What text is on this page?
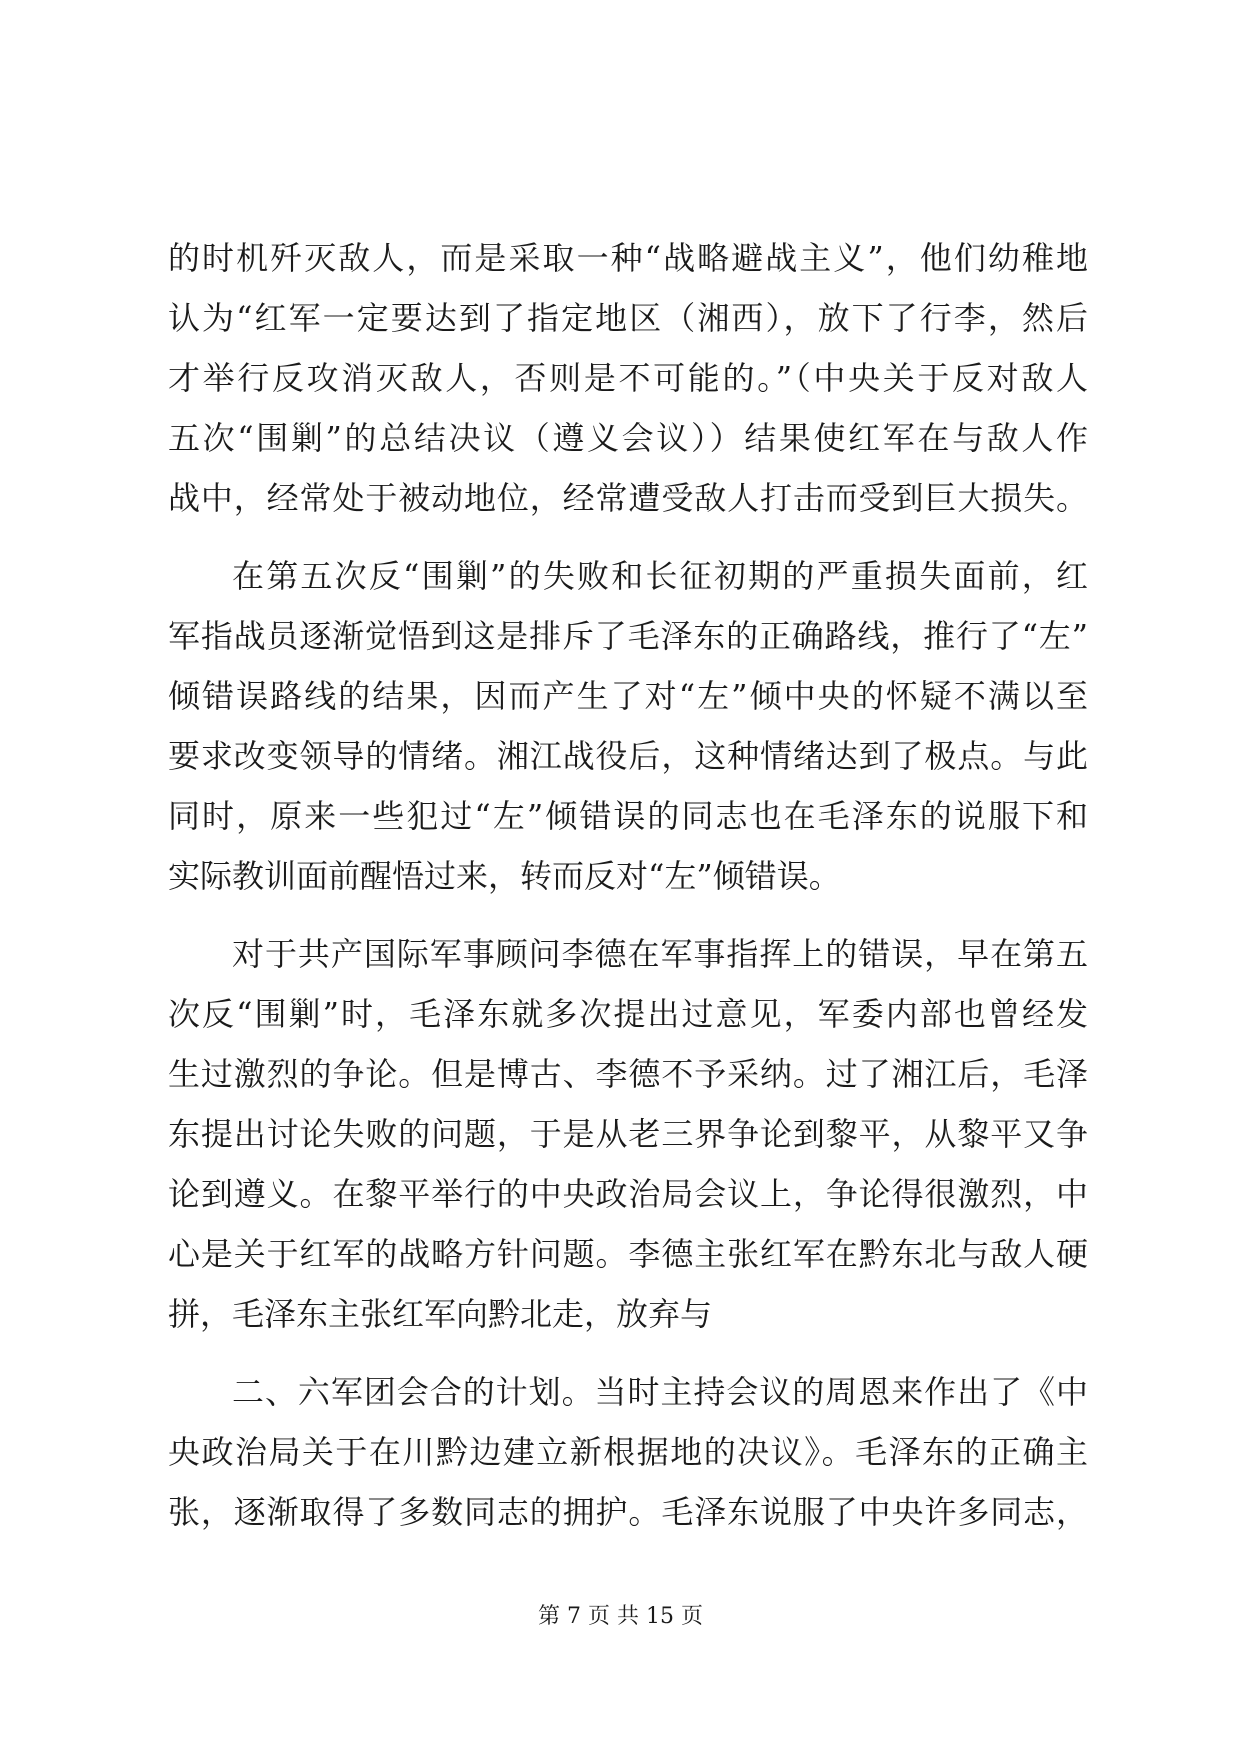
的时机歼灭敌人，而是采取一种“战略避战主义”，他们幼稚地
认为“红军一定要达到了指定地区（湘西），放下了行李，然后
才举行反攻消灭敌人，否则是不可能的。”（中央关于反对敌人
五次“围剿”的总结决议（遵义会议））结果使红军在与敌人作
战中，经常处于被动地位，经常遭受敌人打击而受到巨大损失。
在第五次反“围剿”的失败和长征初期的严重损失面前，红
军指战员逐渐觉悟到这是排斥了毛泽东的正确路线，推行了“左”
倾错误路线的结果，因而产生了对“左”倾中央的怀疑不满以至
要求改变领导的情绪。湘江战役后，这种情绪达到了极点。与此
同时，原来一些犯过“左”倾错误的同志也在毛泽东的说服下和
实际教训面前醒悟过来，转而反对“左”倾错误。
对于共产国际军事顾问李德在军事指挥上的错误，早在第五
次反“围剿”时，毛泽东就多次提出过意见，军委内部也曾经发
生过激烈的争论。但是博古、李德不予采纳。过了湘江后，毛泽
东提出讨论失败的问题，于是从老三界争论到黎平，从黎平又争
论到遵义。在黎平举行的中央政治局会议上，争论得很激烈，中
心是关于红军的战略方针问题。李德主张红军在黔东北与敌人硬
拼，毛泽东主张红军向黔北走，放弃与
二、六军团会合的计划。当时主持会议的周恩来作出了《中
央政治局关于在川黔边建立新根据地的决议》。毛泽东的正确主
张，逐渐取得了多数同志的拥护。毛泽东说服了中央许多同志，
第 7 页 共 15 页
